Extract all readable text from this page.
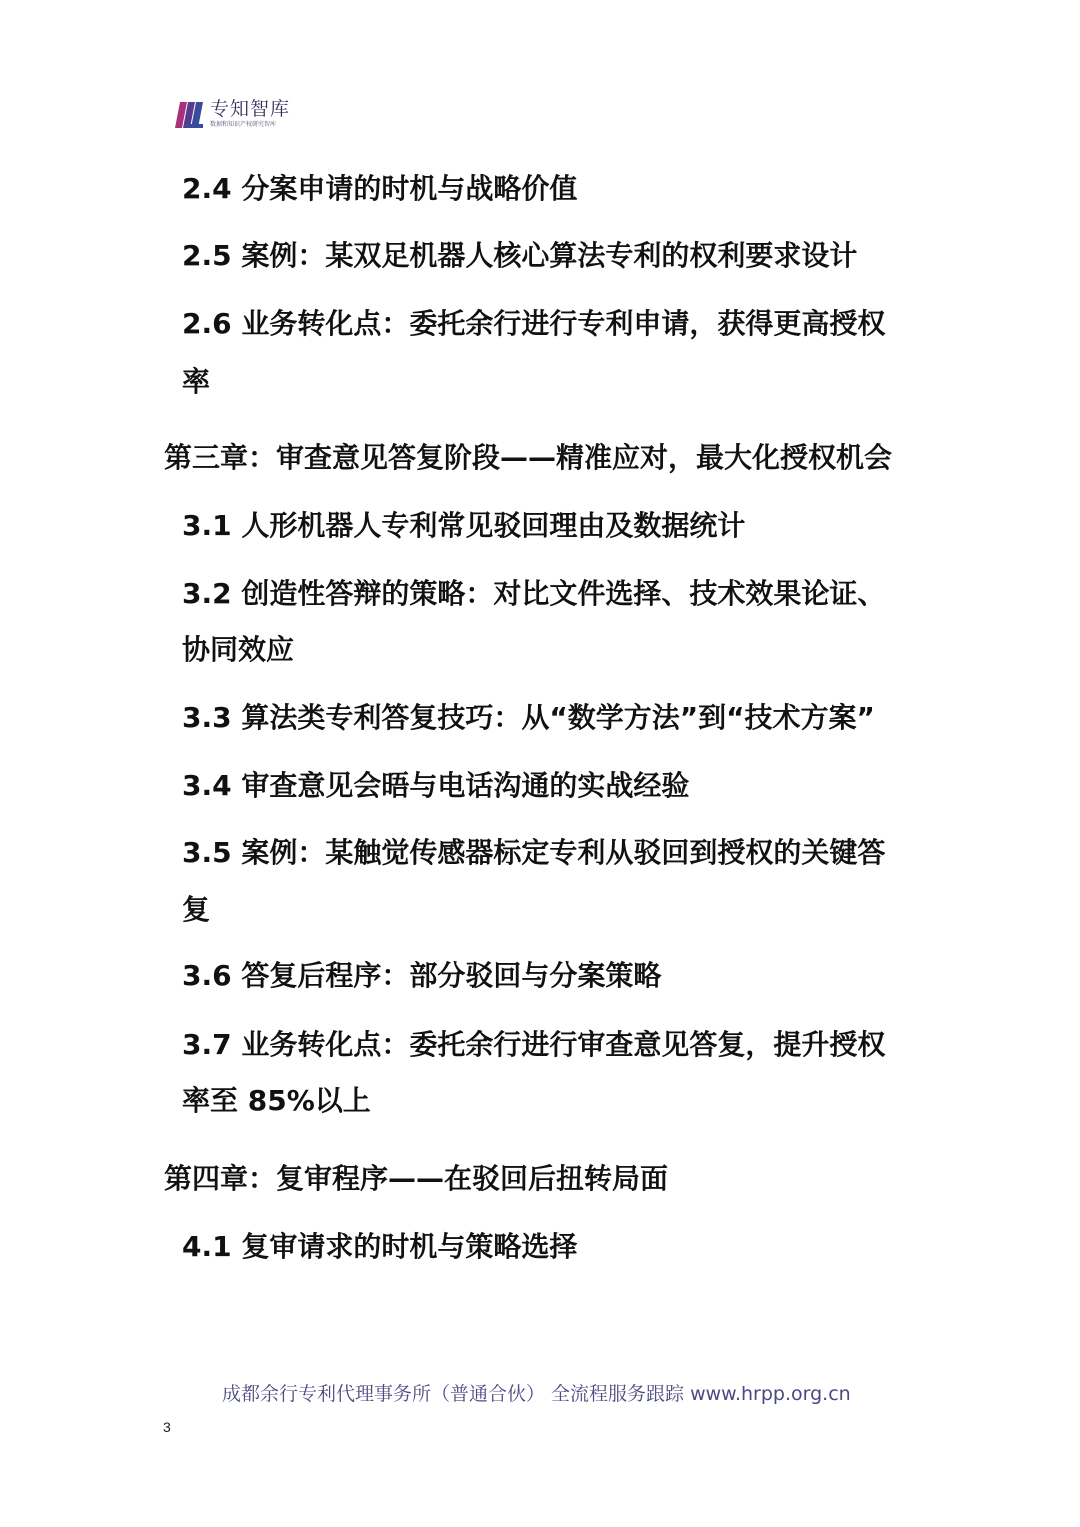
专知智库
数据和知识产权研究智库
2.4 分案申请的时机与战略价值
2.5 案例：某双足机器人核心算法专利的权利要求设计
2.6 业务转化点：委托余行进行专利申请，获得更高授权
率
第三章：审查意见答复阶段——精准应对，最大化授权机会
3.1 人形机器人专利常见驳回理由及数据统计
3.2 创造性答辩的策略：对比文件选择、技术效果论证、
协同效应
3.3 算法类专利答复技巧：从“数学方法”到“技术方案”
3.4 审查意见会晤与电话沟通的实战经验
3.5 案例：某触觉传感器标定专利从驳回到授权的关键答
复
3.6 答复后程序：部分驳回与分案策略
3.7 业务转化点：委托余行进行审查意见答复，提升授权
率至 85%以上
第四章：复审程序——在驳回后扭转局面
4.1 复审请求的时机与策略选择
成都余行专利代理事务所（普通合伙） 全流程服务跟踪 www.hrpp.org.cn
3
